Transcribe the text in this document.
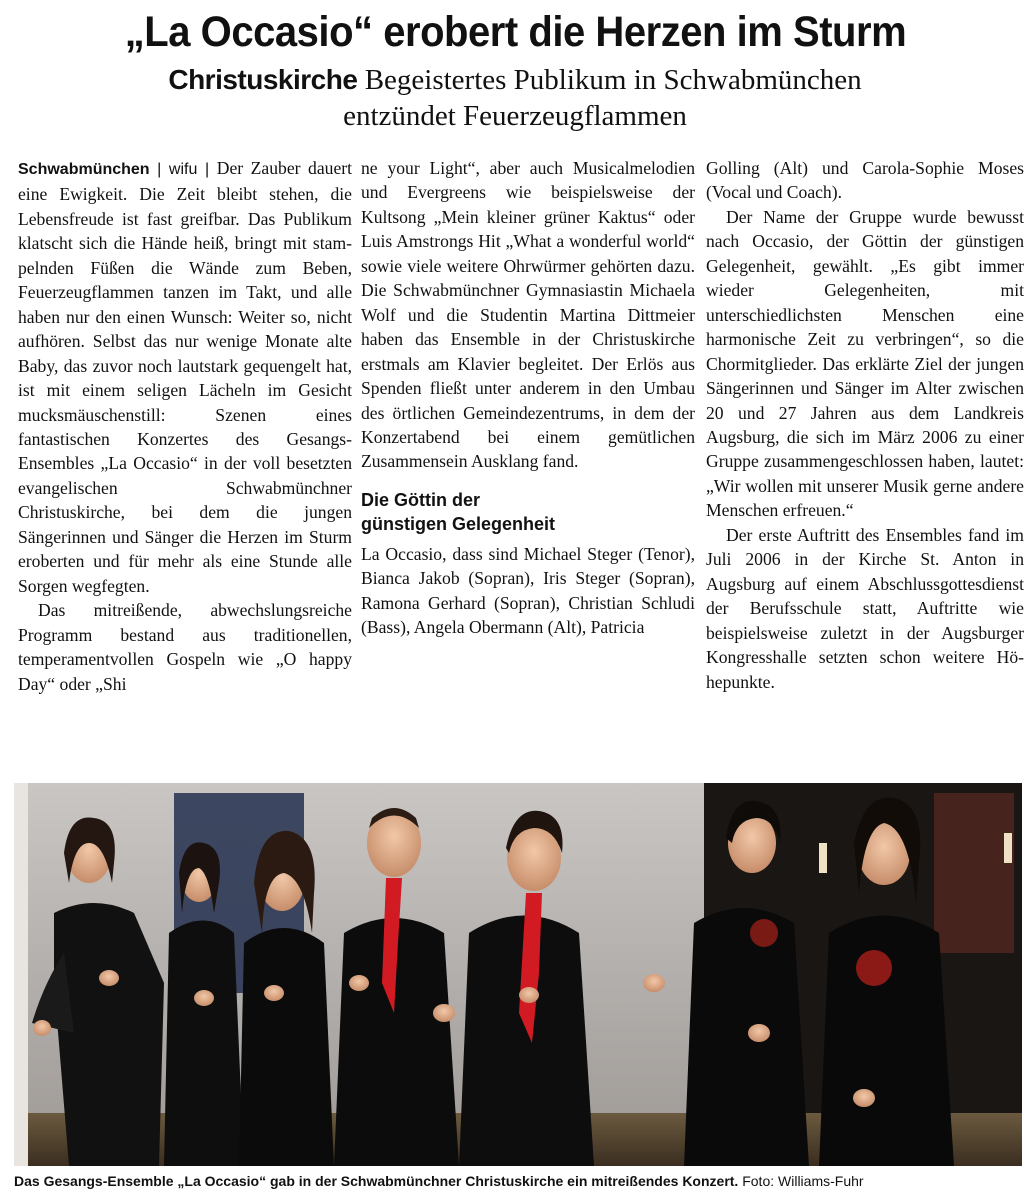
„La Occasio“ erobert die Herzen im Sturm
Christuskirche Begeistertes Publikum in Schwabmünchen
entzündet Feuerzeugflammen

Schwabmünchen | wifu | Der Zauber dauert eine Ewigkeit. Die Zeit bleibt stehen, die Lebensfreude ist fast greifbar. Das Publikum klatscht sich die Hände heiß, bringt mit stampelnden Füßen die Wände zum Beben, Feuerzeugflammen tanzen im Takt, und alle haben nur den einen Wunsch: Weiter so, nicht aufhören. Selbst das nur wenige Monate alte Baby, das zuvor noch lautstark gequengelt hat, ist mit einem seligen Lächeln im Gesicht mucksmäuschenstill: Szenen eines fantastischen Konzertes des Gesangs-Ensembles „La Occasio“ in der voll besetzten evangelischen Schwabmünchner Christuskirche, bei dem die jungen Sängerinnen und Sänger die Herzen im Sturm eroberten und für mehr als eine Stunde alle Sorgen wegfegten.

Das mitreißende, abwechslungsreiche Programm bestand aus traditionellen, temperamentvollen Gospeln wie „O happy Day“ oder „Shi

ne your Light“, aber auch Musicalmelodien und Evergreens wie beispielsweise der Kultsong „Mein kleiner grüner Kaktus“ oder Luis Amstrongs Hit „What a wonderful world“ sowie viele weitere Ohrwürmer gehörten dazu. Die Schwabmünchner Gymnasiastin Michaela Wolf und die Studentin Martina Dittmeier haben das Ensemble in der Christuskirche erstmals am Klavier begleitet. Der Erlös aus Spenden fließt unter anderem in den Umbau des örtlichen Gemeindezentrums, in dem der Konzertabend bei einem gemütlichen Zusammensein Ausklang fand.

Die Göttin der
günstigen Gelegenheit

La Occasio, dass sind Michael Steger (Tenor), Bianca Jakob (Sopran), Iris Steger (Sopran), Ramona Gerhard (Sopran), Christian Schludi (Bass), Angela Obermann (Alt), Patricia

Golling (Alt) und Carola-Sophie Moses (Vocal und Coach).

Der Name der Gruppe wurde bewusst nach Occasio, der Göttin der günstigen Gelegenheit, gewählt. „Es gibt immer wieder Gelegenheiten, mit unterschiedlichsten Menschen eine harmonische Zeit zu verbringen“, so die Chormitglieder. Das erklärte Ziel der jungen Sängerinnen und Sänger im Alter zwischen 20 und 27 Jahren aus dem Landkreis Augsburg, die sich im März 2006 zu einer Gruppe zusammengeschlossen haben, lautet: „Wir wollen mit unserer Musik gerne andere Menschen erfreuen.“

Der erste Auftritt des Ensembles fand im Juli 2006 in der Kirche St. Anton in Augsburg auf einem Abschlussgottesdienst der Berufsschule statt, Auftritte wie beispielsweise zuletzt in der Augsburger Kongresshalle setzten schon weitere Höhepunkte.

Das Gesangs-Ensemble „La Occasio“ gab in der Schwabmünchner Christuskirche ein mitreißendes Konzert. Foto: Williams-Fuhr
